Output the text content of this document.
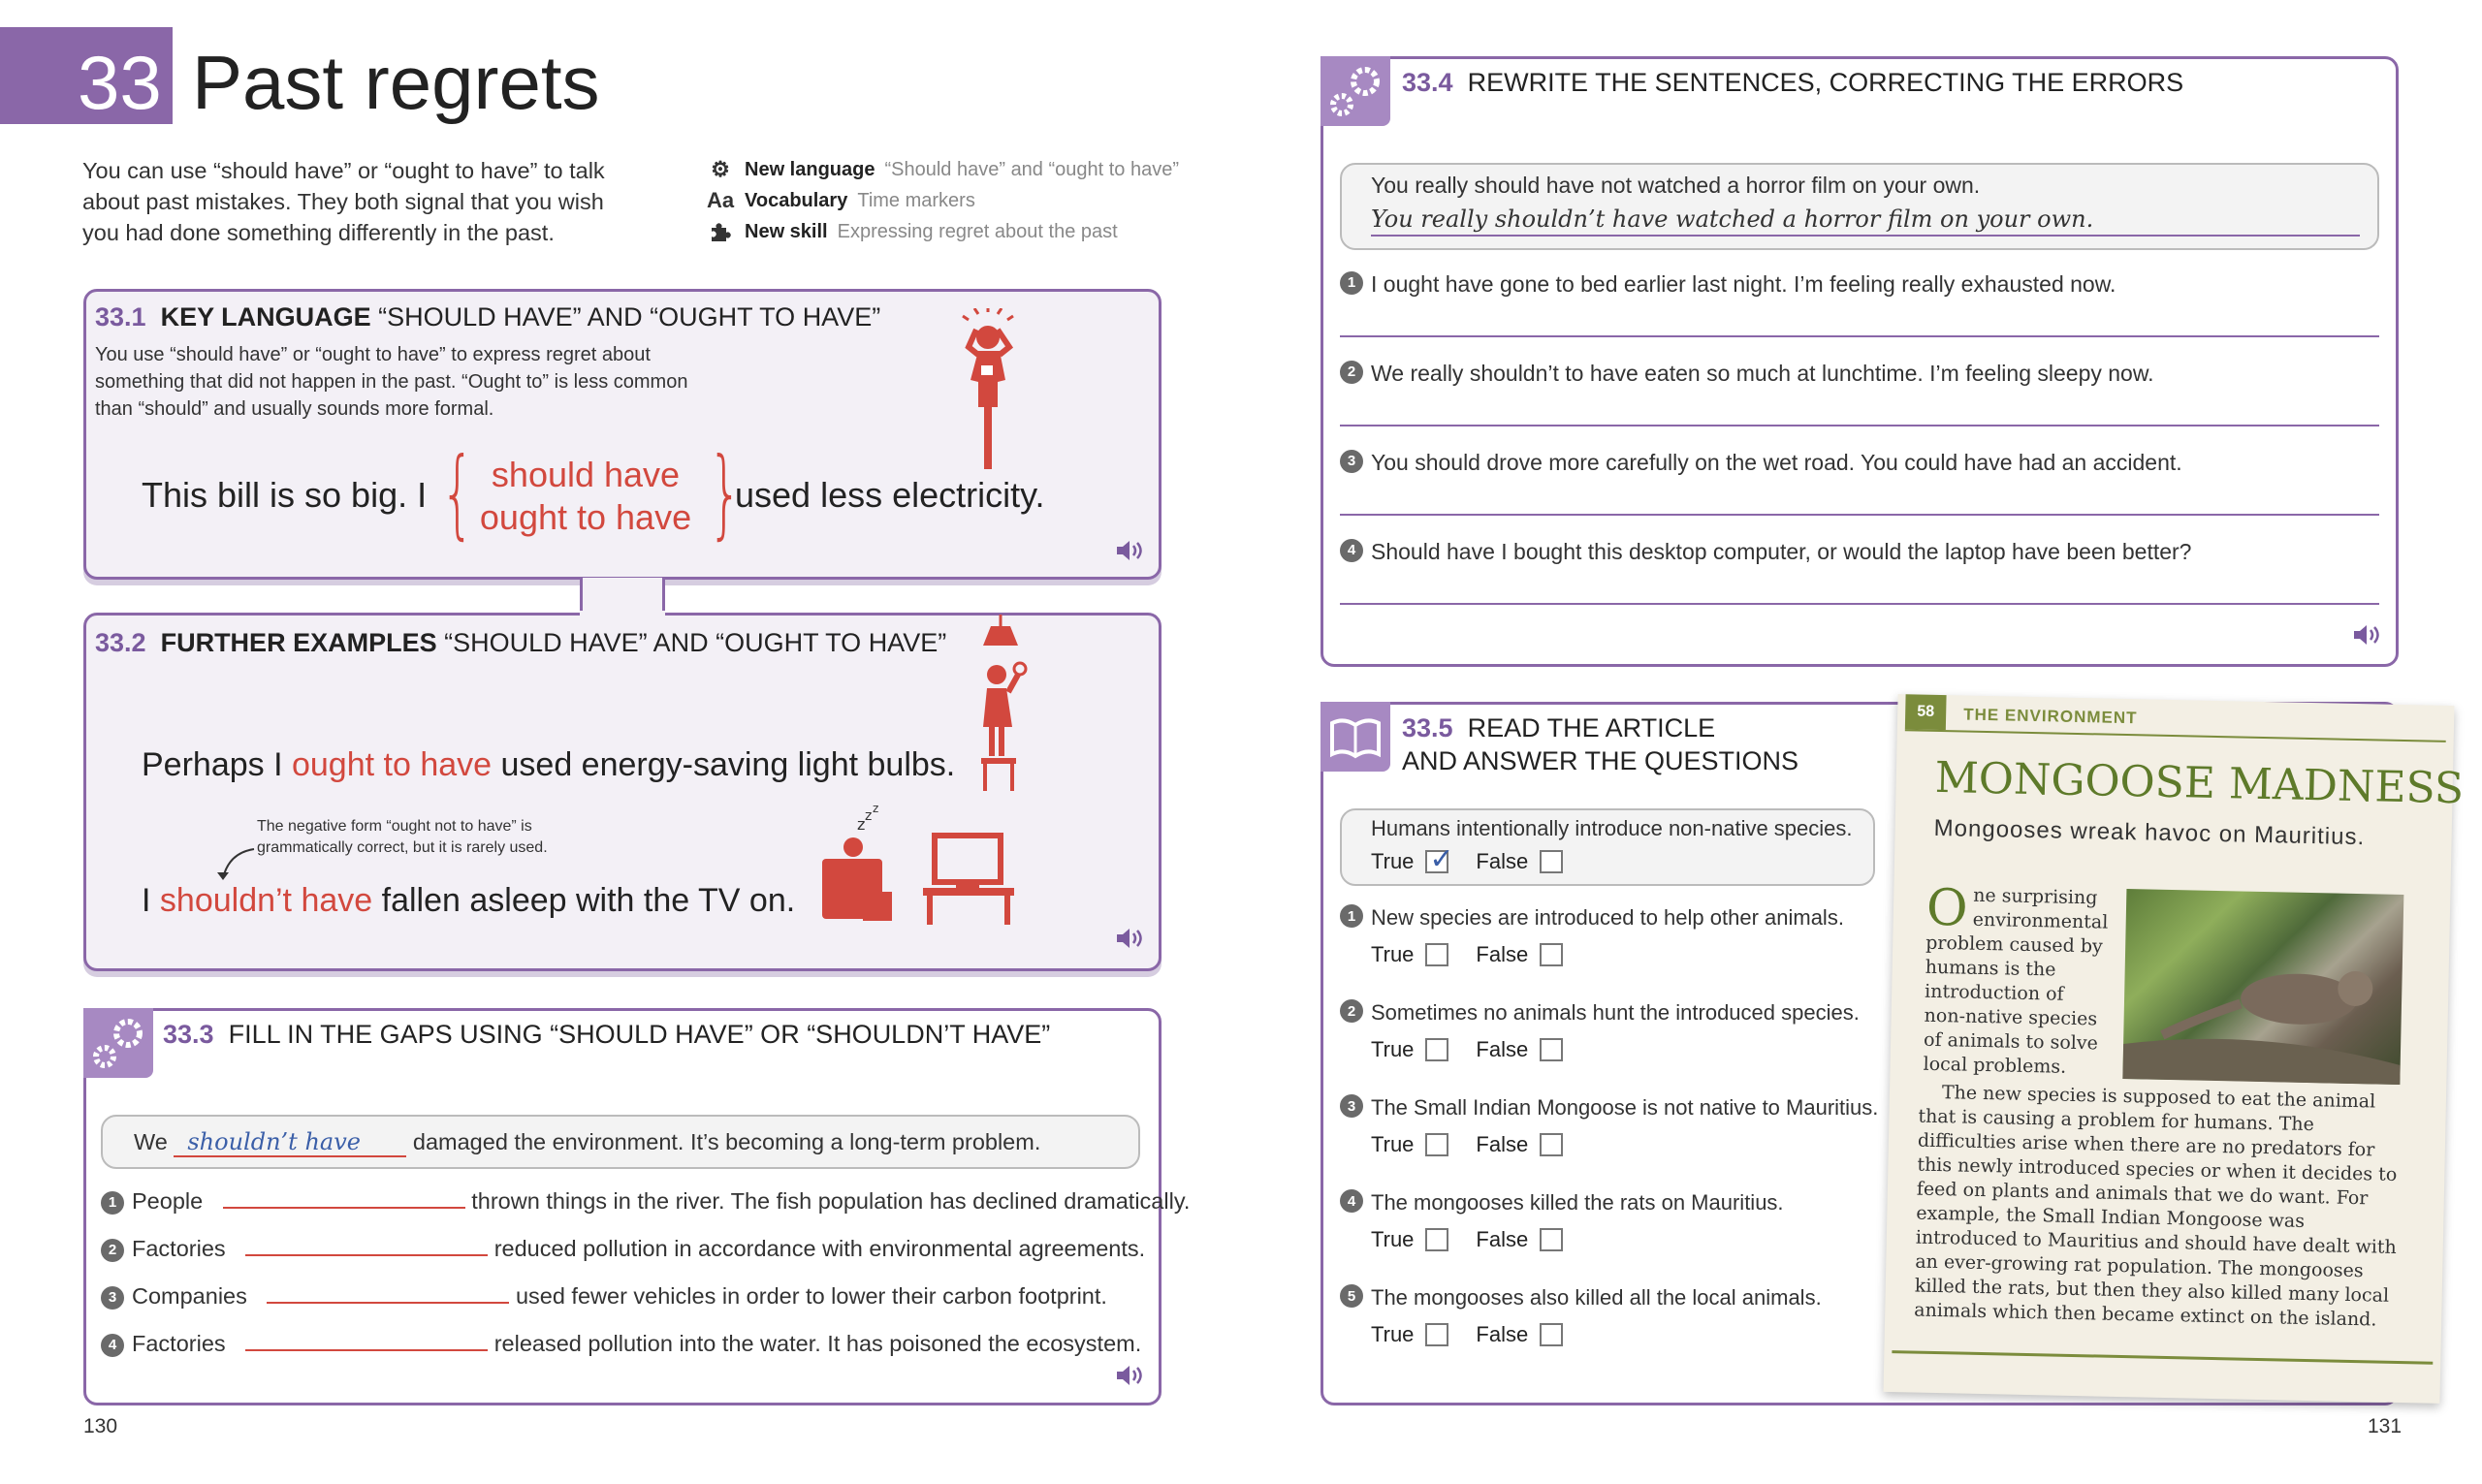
33 Past regrets
You can use “should have” or “ought to have” to talk about past mistakes. They both signal that you wish you had done something differently in the past.
⚙ New language “Should have” and “ought to have”
Aa Vocabulary Time markers
New skill Expressing regret about the past
33.1 KEY LANGUAGE “SHOULD HAVE” AND “OUGHT TO HAVE”
You use “should have” or “ought to have” to express regret about something that did not happen in the past. “Ought to” is less common than “should” and usually sounds more formal.
This bill is so big. I { should have
ought to have }
used less electricity.
33.2 FURTHER EXAMPLES “SHOULD HAVE” AND “OUGHT TO HAVE”
Perhaps I ought to have used energy-saving light bulbs.
The negative form “ought not to have” is grammatically correct, but it is rarely used.
I shouldn’t have fallen asleep with the TV on.
z z z
33.3 FILL IN THE GAPS USING “SHOULD HAVE” OR “SHOULDN’T HAVE”
We
shouldn’t have
	damaged the environment. It’s becoming a long-term problem.
1 People

	thrown things in the river. The fish population has declined dramatically.
2 Factories

	reduced pollution in accordance with environmental agreements.
3 Companies

	used fewer vehicles in order to lower their carbon footprint.
4 Factories

	released pollution into the water. It has poisoned the ecosystem.
130
33.4 REWRITE THE SENTENCES, CORRECTING THE ERRORS
You really should have not watched a horror film on your own.
You really shouldn’t have watched a horror film on your own.
1 I ought have gone to bed earlier last night. I’m feeling really exhausted now.
2 We really shouldn’t to have eaten so much at lunchtime. I’m feeling sleepy now.
3 You should drove more carefully on the wet road. You could have had an accident.
4 Should have I bought this desktop computer, or would the laptop have been better?
33.5 READ THE ARTICLE
AND ANSWER THE QUESTIONS
Humans intentionally introduce non-native species.
True
✓	False
1 New species are introduced to help other animals.
True	False
2 Sometimes no animals hunt the introduced species.
True	False
3 The Small Indian Mongoose is not native to Mauritius.
True	False
4 The mongooses killed the rats on Mauritius.
True	False
5 The mongooses also killed all the local animals.
True	False
58	THE ENVIRONMENT
MONGOOSE MADNESS
Mongooses wreak havoc on Mauritius.
O ne surprising
environmental
problem caused by
humans is the
introduction of
non-native species
of animals to solve
local problems.
The new species is supposed to eat the animal that is causing a problem for humans. The difficulties arise when there are no predators for this newly introduced species or when it decides to feed on plants and animals that we do want. For example, the Small Indian Mongoose was introduced to Mauritius and should have dealt with an ever-growing rat population. The mongooses killed the rats, but then they also killed many local animals which then became extinct on the island.
131
